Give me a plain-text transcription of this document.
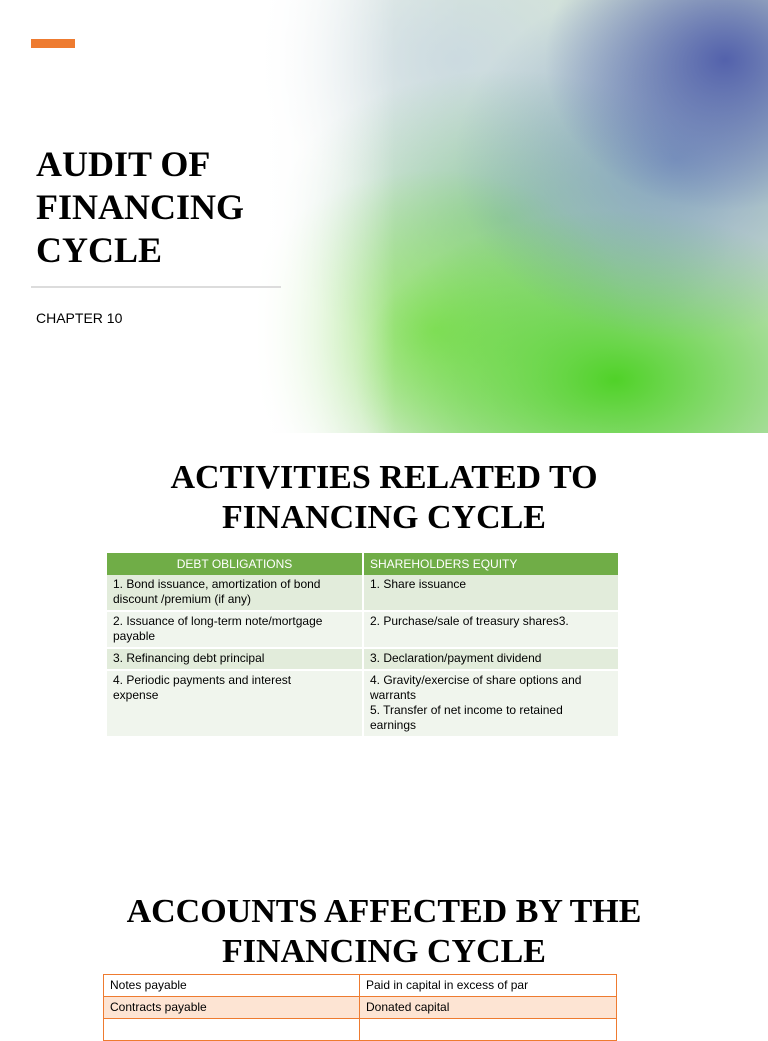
AUDIT OF
FINANCING
CYCLE
CHAPTER 10
ACTIVITIES RELATED TO
FINANCING CYCLE
DEBT OBLIGATIONS	SHAREHOLDERS EQUITY

1. Bond issuance, amortization of bond
discount /premium (if any)	1. Share issuance

2. Issuance of long-term note/mortgage
payable	2. Purchase/sale of treasury shares3.

3. Refinancing debt principal	3. Declaration/payment dividend

4. Periodic payments and interest
expense	4. Gravity/exercise of share options and
warrants
5. Transfer of net income to retained
earnings
ACCOUNTS AFFECTED BY THE
FINANCING CYCLE
Notes payable	Paid in capital in excess of par
Contracts payable	Donated capital
